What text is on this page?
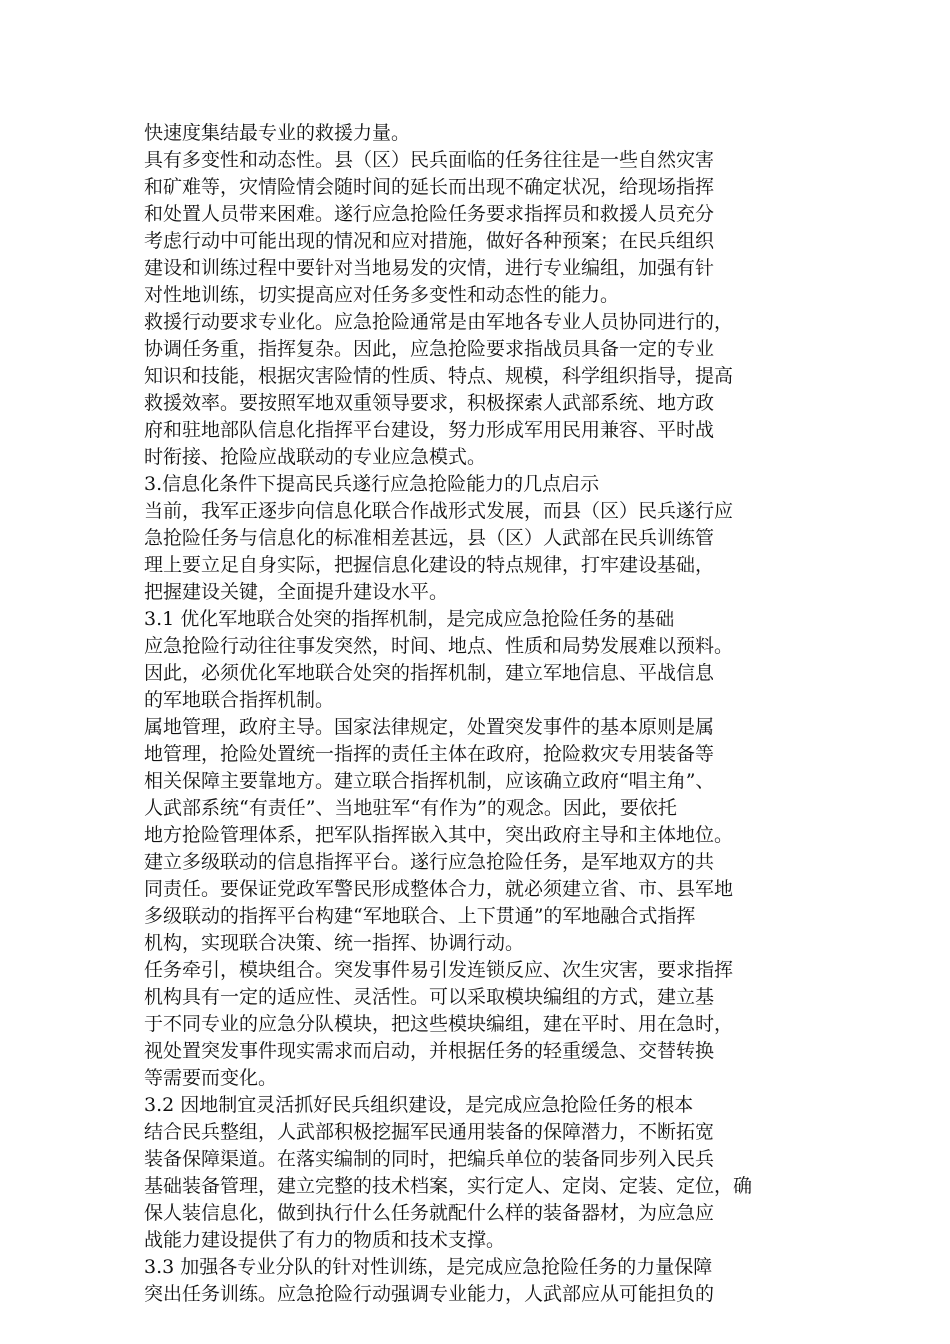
快速度集结最专业的救援力量。
具有多变性和动态性。县（区）民兵面临的任务往往是一些自然灾害
和矿难等，灾情险情会随时间的延长而出现不确定状况，给现场指挥
和处置人员带来困难。遂行应急抢险任务要求指挥员和救援人员充分
考虑行动中可能出现的情况和应对措施，做好各种预案；在民兵组织
建设和训练过程中要针对当地易发的灾情，进行专业编组，加强有针
对性地训练，切实提高应对任务多变性和动态性的能力。
救援行动要求专业化。应急抢险通常是由军地各专业人员协同进行的，
协调任务重，指挥复杂。因此，应急抢险要求指战员具备一定的专业
知识和技能，根据灾害险情的性质、特点、规模，科学组织指导，提高
救援效率。要按照军地双重领导要求，积极探索人武部系统、地方政
府和驻地部队信息化指挥平台建设，努力形成军用民用兼容、平时战
时衔接、抢险应战联动的专业应急模式。
3.信息化条件下提高民兵遂行应急抢险能力的几点启示
当前，我军正逐步向信息化联合作战形式发展，而县（区）民兵遂行应
急抢险任务与信息化的标准相差甚远，县（区）人武部在民兵训练管
理上要立足自身实际，把握信息化建设的特点规律，打牢建设基础，
把握建设关键，全面提升建设水平。
3.1 优化军地联合处突的指挥机制，是完成应急抢险任务的基础
应急抢险行动往往事发突然，时间、地点、性质和局势发展难以预料。
因此，必须优化军地联合处突的指挥机制，建立军地信息、平战信息
的军地联合指挥机制。
属地管理，政府主导。国家法律规定，处置突发事件的基本原则是属
地管理，抢险处置统一指挥的责任主体在政府，抢险救灾专用装备等
相关保障主要靠地方。建立联合指挥机制，应该确立政府“唱主角”、
人武部系统“有责任”、当地驻军“有作为”的观念。因此，要依托
地方抢险管理体系，把军队指挥嵌入其中，突出政府主导和主体地位。
建立多级联动的信息指挥平台。遂行应急抢险任务，是军地双方的共
同责任。要保证党政军警民形成整体合力，就必须建立省、市、县军地
多级联动的指挥平台构建“军地联合、上下贯通”的军地融合式指挥
机构，实现联合决策、统一指挥、协调行动。
任务牵引，模块组合。突发事件易引发连锁反应、次生灾害，要求指挥
机构具有一定的适应性、灵活性。可以采取模块编组的方式，建立基
于不同专业的应急分队模块，把这些模块编组，建在平时、用在急时，
视处置突发事件现实需求而启动，并根据任务的轻重缓急、交替转换
等需要而变化。
3.2 因地制宜灵活抓好民兵组织建设，是完成应急抢险任务的根本
结合民兵整组，人武部积极挖掘军民通用装备的保障潜力，不断拓宽
装备保障渠道。在落实编制的同时，把编兵单位的装备同步列入民兵
基础装备管理，建立完整的技术档案，实行定人、定岗、定装、定位，确
保人装信息化，做到执行什么任务就配什么样的装备器材，为应急应
战能力建设提供了有力的物质和技术支撑。
3.3 加强各专业分队的针对性训练，是完成应急抢险任务的力量保障
突出任务训练。应急抢险行动强调专业能力，人武部应从可能担负的
